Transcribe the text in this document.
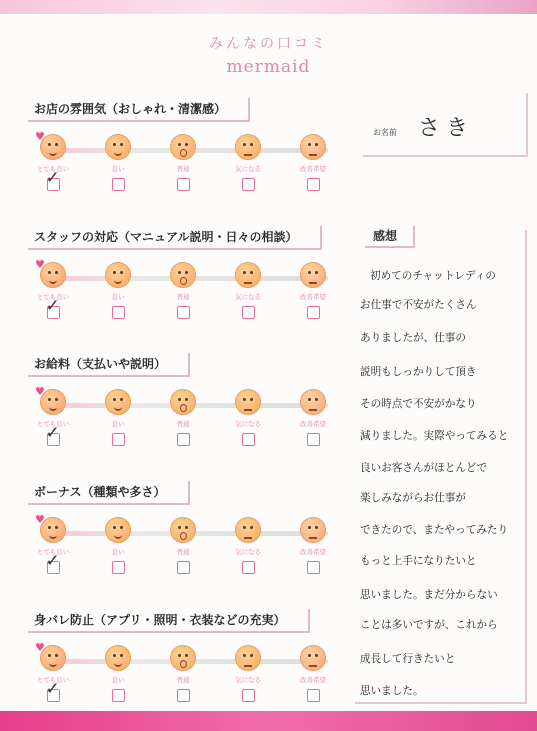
みんなの口コミ
mermaid
お店の雰囲気（おしゃれ・清潔感）
♥
とても良い
✓	良い	普通	気になる	改善希望
スタッフの対応（マニュアル説明・日々の相談）
♥
とても良い
✓	良い	普通	気になる	改善希望
お給料（支払いや説明）
♥
とても良い
✓	良い	普通	気になる	改善希望
ボーナス（種類や多さ）
♥
とても良い
✓	良い	普通	気になる	改善希望
身バレ防止（アプリ・照明・衣装などの充実）
♥
とても良い
✓	良い	普通	気になる	改善希望
お名前 さき
感想
初めてのチャットレディの
お仕事で不安がたくさん
ありましたが、仕事の
説明もしっかりして頂き
その時点で不安がかなり
減りました。実際やってみると
良いお客さんがほとんどで
楽しみながらお仕事が
できたので、またやってみたり
もっと上手になりたいと
思いました。まだ分からない
ことは多いですが、これから
成長して行きたいと
思いました。
